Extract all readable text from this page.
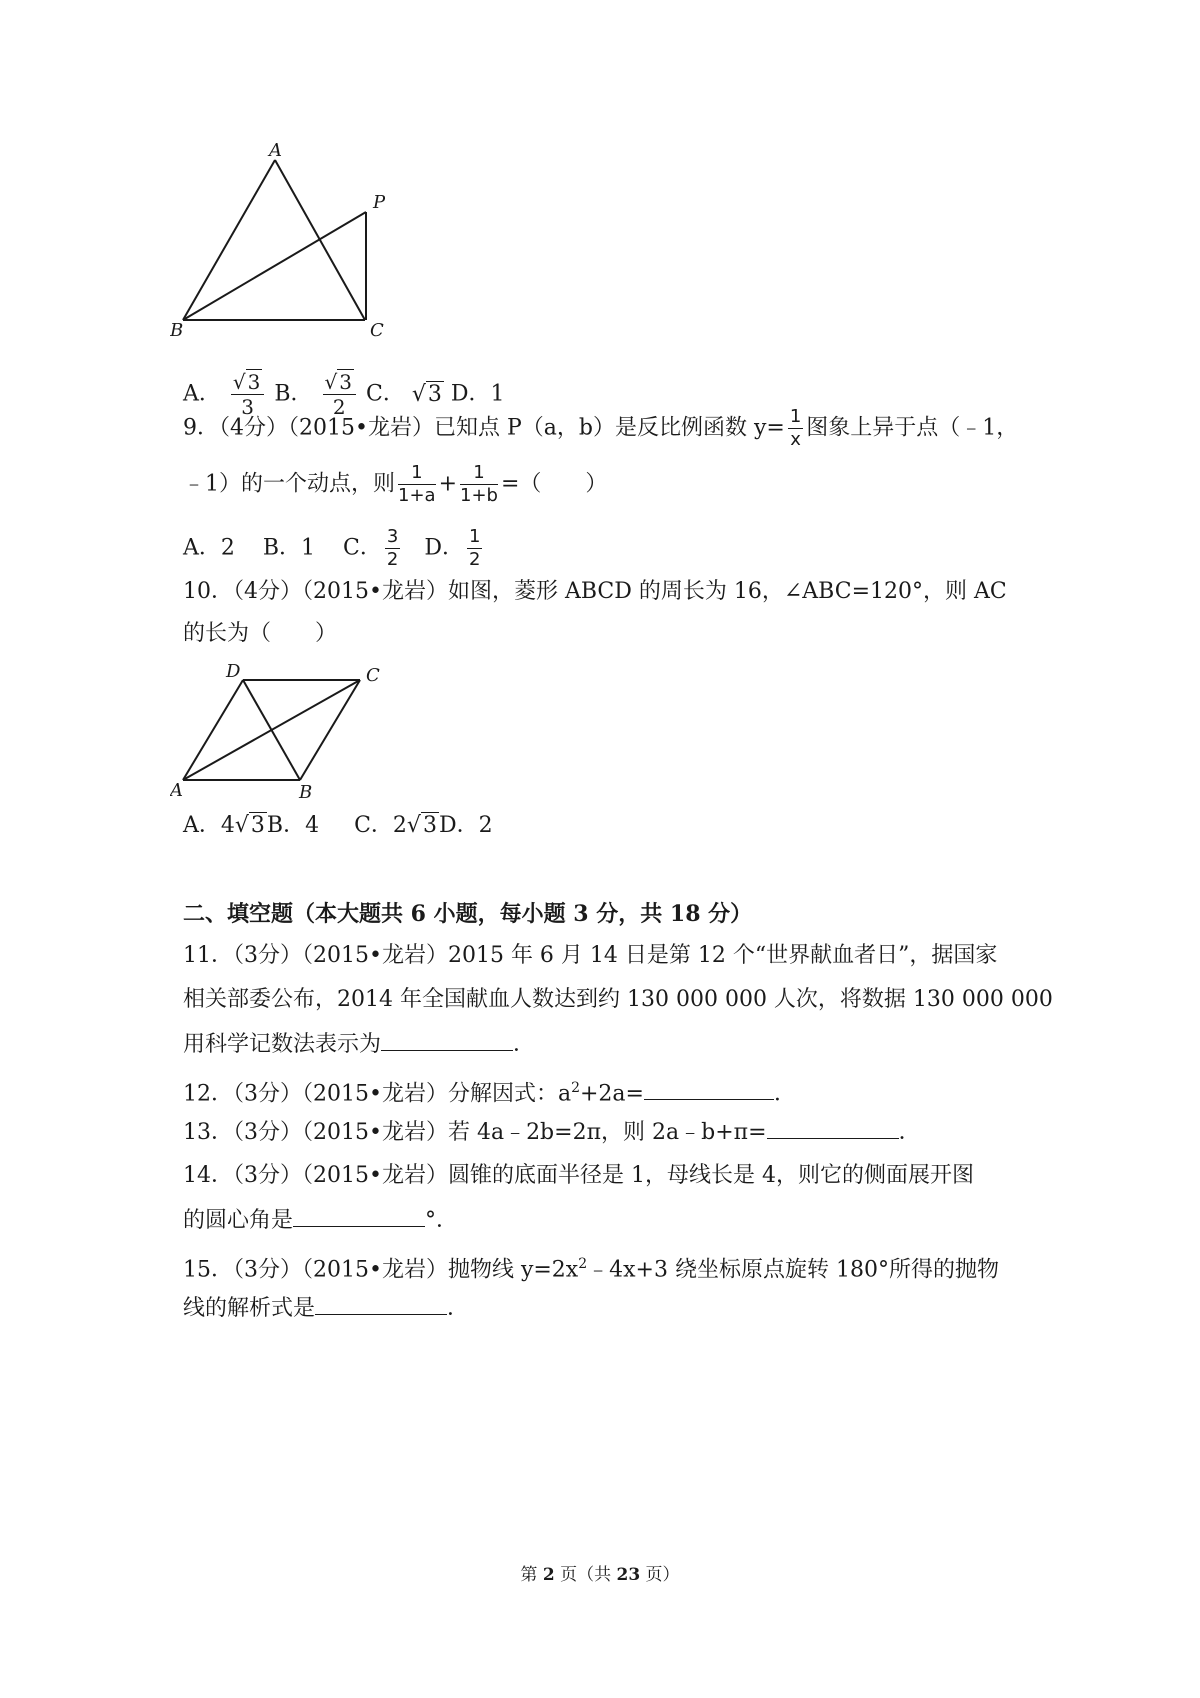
A
P
B	C
A． $\frac{√ 3}{3}$ B． $\frac{√ 3}{2}$ C． √3 D．1
9．（4分）（2015•龙岩）已知点 P（a，b）是反比例函数 $y= \frac{1}{x}$ 图象上异于点（﹣1，
﹣1）的一个动点，则 $\frac{1}{1+a} + \frac{1}{1+b}$ =（　　）
A．2 B．1 C． $\frac{3}{2}$ D． $\frac{1}{2}$
10．（4分）（2015•龙岩）如图，菱形 ABCD 的周长为 16，∠ABC=120°，则 AC
的长为（　　）
D	C
A	B
A．4√3B．4 C．2√3D．2
二、填空题（本大题共 6 小题，每小题 3 分，共 18 分）
11．（3分）（2015•龙岩）2015 年 6 月 14 日是第 12 个“世界献血者日”，据国家
相关部委公布，2014 年全国献血人数达到约 130 000 000 人次，将数据 130 000 000
用科学记数法表示为	．
12．（3分）（2015•龙岩）分解因式：$a^2+2a=$	．
13．（3分）（2015•龙岩）若 4a﹣2b=2π，则 2a﹣b+π=	．
14．（3分）（2015•龙岩）圆锥的底面半径是 1，母线长是 4，则它的侧面展开图
的圆心角是	°．
15．（3分）（2015•龙岩）抛物线 $y=2x^2﹣4x+3$ 绕坐标原点旋转 180°所得的抛物
线的解析式是	．
第 2 页（共 23 页）
